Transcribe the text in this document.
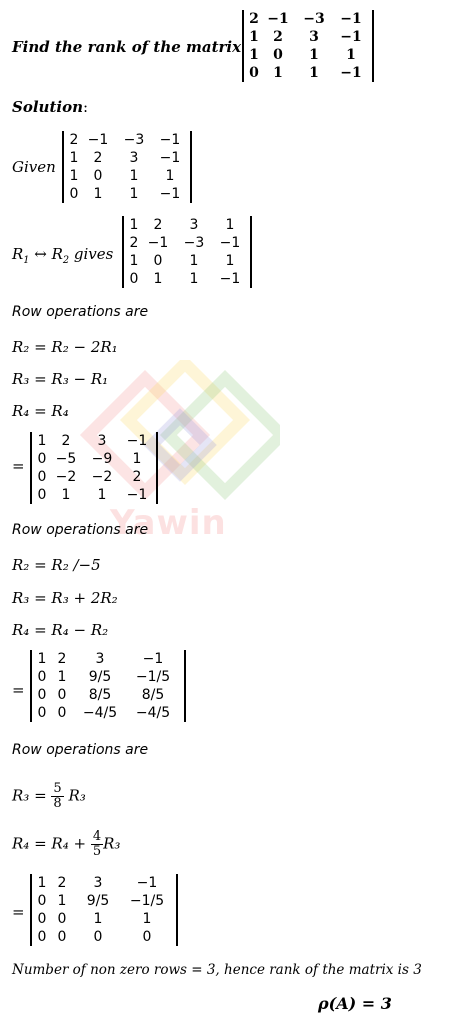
Yawin
Find the rank of the matrix
2	−1	−3	−1
1	2	3	−1
1	0	1	1
0	1	1	−1
Solution:
Given
2	−1	−3	−1
1	2	3	−1
1	0	1	1
0	1	1	−1
$R_1$ ↔ $R_2$ gives
1	2	3	1
2	−1	−3	−1
1	0	1	1
0	1	1	−1
Row operations are
R₂ = R₂ − 2R₁
R₃ = R₃ − R₁
R₄ = R₄
=
1	2	3	−1
0	−5	−9	1
0	−2	−2	2
0	1	1	−1
Row operations are
R₂ = R₂ /−5
R₃ = R₃ + 2R₂
R₄ = R₄ − R₂
=
1	2	3	−1
0	1	9/5	−1/5
0	0	8/5	8/5
0	0	−4/5	−4/5
Row operations are
$R_3 = \frac{5}{8} R_3$
$R_4 = R_4 + \frac{4}{5} R_3$
=
1	2	3	−1
0	1	9/5	−1/5
0	0	1	1
0	0	0	0
Number of non zero rows = 3, hence rank of the matrix is 3
ρ(A) = 3
